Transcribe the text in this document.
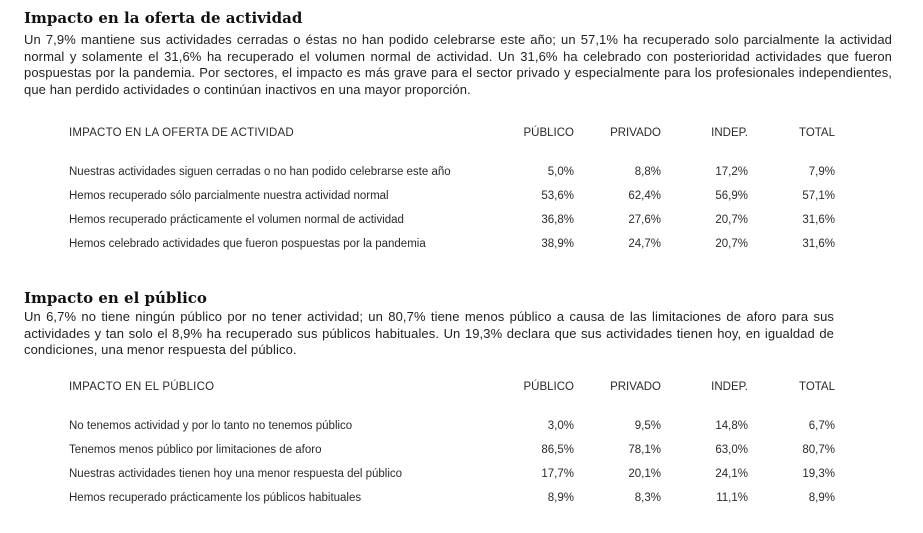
Impacto en la oferta de actividad

Un 7,9% mantiene sus actividades cerradas o éstas no han podido celebrarse este año; un 57,1% ha recuperado solo parcialmente la actividad normal y solamente el 31,6% ha recuperado el volumen normal de actividad. Un 31,6% ha celebrado con posterioridad actividades que fueron pospuestas por la pandemia. Por sectores, el impacto es más grave para el sector privado y especialmente para los profesionales independientes, que han perdido actividades o continúan inactivos en una mayor proporción.

IMPACTO EN LA OFERTA DE ACTIVIDAD	PÚBLICO	PRIVADO	INDEP.	TOTAL
Nuestras actividades siguen cerradas o no han podido celebrarse este año	5,0%	8,8%	17,2%	7,9%
Hemos recuperado sólo parcialmente nuestra actividad normal	53,6%	62,4%	56,9%	57,1%
Hemos recuperado prácticamente el volumen normal de actividad	36,8%	27,6%	20,7%	31,6%
Hemos celebrado actividades que fueron pospuestas por la pandemia	38,9%	24,7%	20,7%	31,6%
Impacto en el público

Un 6,7% no tiene ningún público por no tener actividad; un 80,7% tiene menos público a causa de las limitaciones de aforo para sus actividades y tan solo el 8,9% ha recuperado sus públicos habituales. Un 19,3% declara que sus actividades tienen hoy, en igualdad de condiciones, una menor respuesta del público.

IMPACTO EN EL PÚBLICO	PÚBLICO	PRIVADO	INDEP.	TOTAL
No tenemos actividad y por lo tanto no tenemos público	3,0%	9,5%	14,8%	6,7%
Tenemos menos público por limitaciones de aforo	86,5%	78,1%	63,0%	80,7%
Nuestras actividades tienen hoy una menor respuesta del público	17,7%	20,1%	24,1%	19,3%
Hemos recuperado prácticamente los públicos habituales	8,9%	8,3%	11,1%	8,9%
